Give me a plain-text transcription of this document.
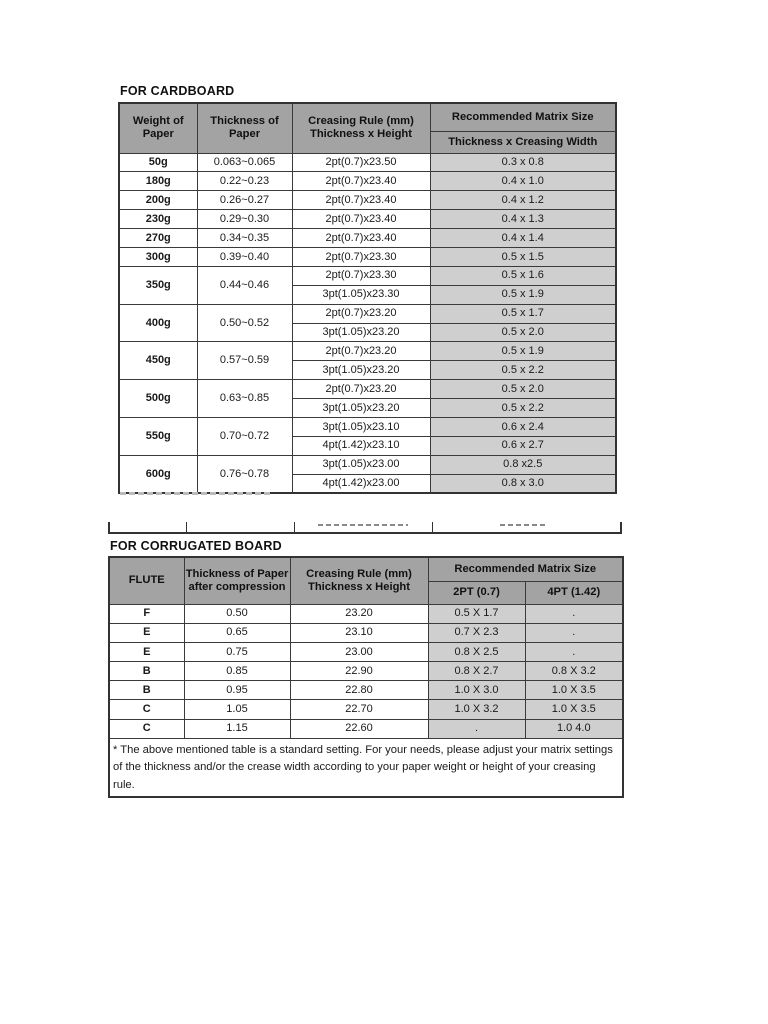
FOR CARDBOARD
Weight of Paper	Thickness of Paper	Creasing Rule (mm) Thickness x Height	Recommended Matrix Size
			Thickness x Creasing Width
50g	0.063~0.065	2pt(0.7)x23.50	0.3 x 0.8
180g	0.22~0.23	2pt(0.7)x23.40	0.4 x 1.0
200g	0.26~0.27	2pt(0.7)x23.40	0.4 x 1.2
230g	0.29~0.30	2pt(0.7)x23.40	0.4 x 1.3
270g	0.34~0.35	2pt(0.7)x23.40	0.4 x 1.4
300g	0.39~0.40	2pt(0.7)x23.30	0.5 x 1.5
350g	0.44~0.46	2pt(0.7)x23.30	0.5 x 1.6
		3pt(1.05)x23.30	0.5 x 1.9
400g	0.50~0.52	2pt(0.7)x23.20	0.5 x 1.7
		3pt(1.05)x23.20	0.5 x 2.0
450g	0.57~0.59	2pt(0.7)x23.20	0.5 x 1.9
		3pt(1.05)x23.20	0.5 x 2.2
500g	0.63~0.85	2pt(0.7)x23.20	0.5 x 2.0
		3pt(1.05)x23.20	0.5 x 2.2
550g	0.70~0.72	3pt(1.05)x23.10	0.6 x 2.4
		4pt(1.42)x23.10	0.6 x 2.7
600g	0.76~0.78	3pt(1.05)x23.00	0.8 x2.5
		4pt(1.42)x23.00	0.8 x 3.0
FOR CORRUGATED BOARD
FLUTE	Thickness of Paper after compression	Creasing Rule (mm) Thickness x Height	Recommended Matrix Size	
			2PT (0.7)	4PT (1.42)
F	0.50	23.20	0.5 X 1.7	.
E	0.65	23.10	0.7 X 2.3	.
E	0.75	23.00	0.8 X 2.5	.
B	0.85	22.90	0.8 X 2.7	0.8 X 3.2
B	0.95	22.80	1.0 X 3.0	1.0 X 3.5
C	1.05	22.70	1.0 X 3.2	1.0 X 3.5
C	1.15	22.60	.	1.0 4.0
* The above mentioned table is a standard setting. For your needs, please adjust your matrix settings of the thickness and/or the crease width according to your paper weight or height of your creasing rule.				
